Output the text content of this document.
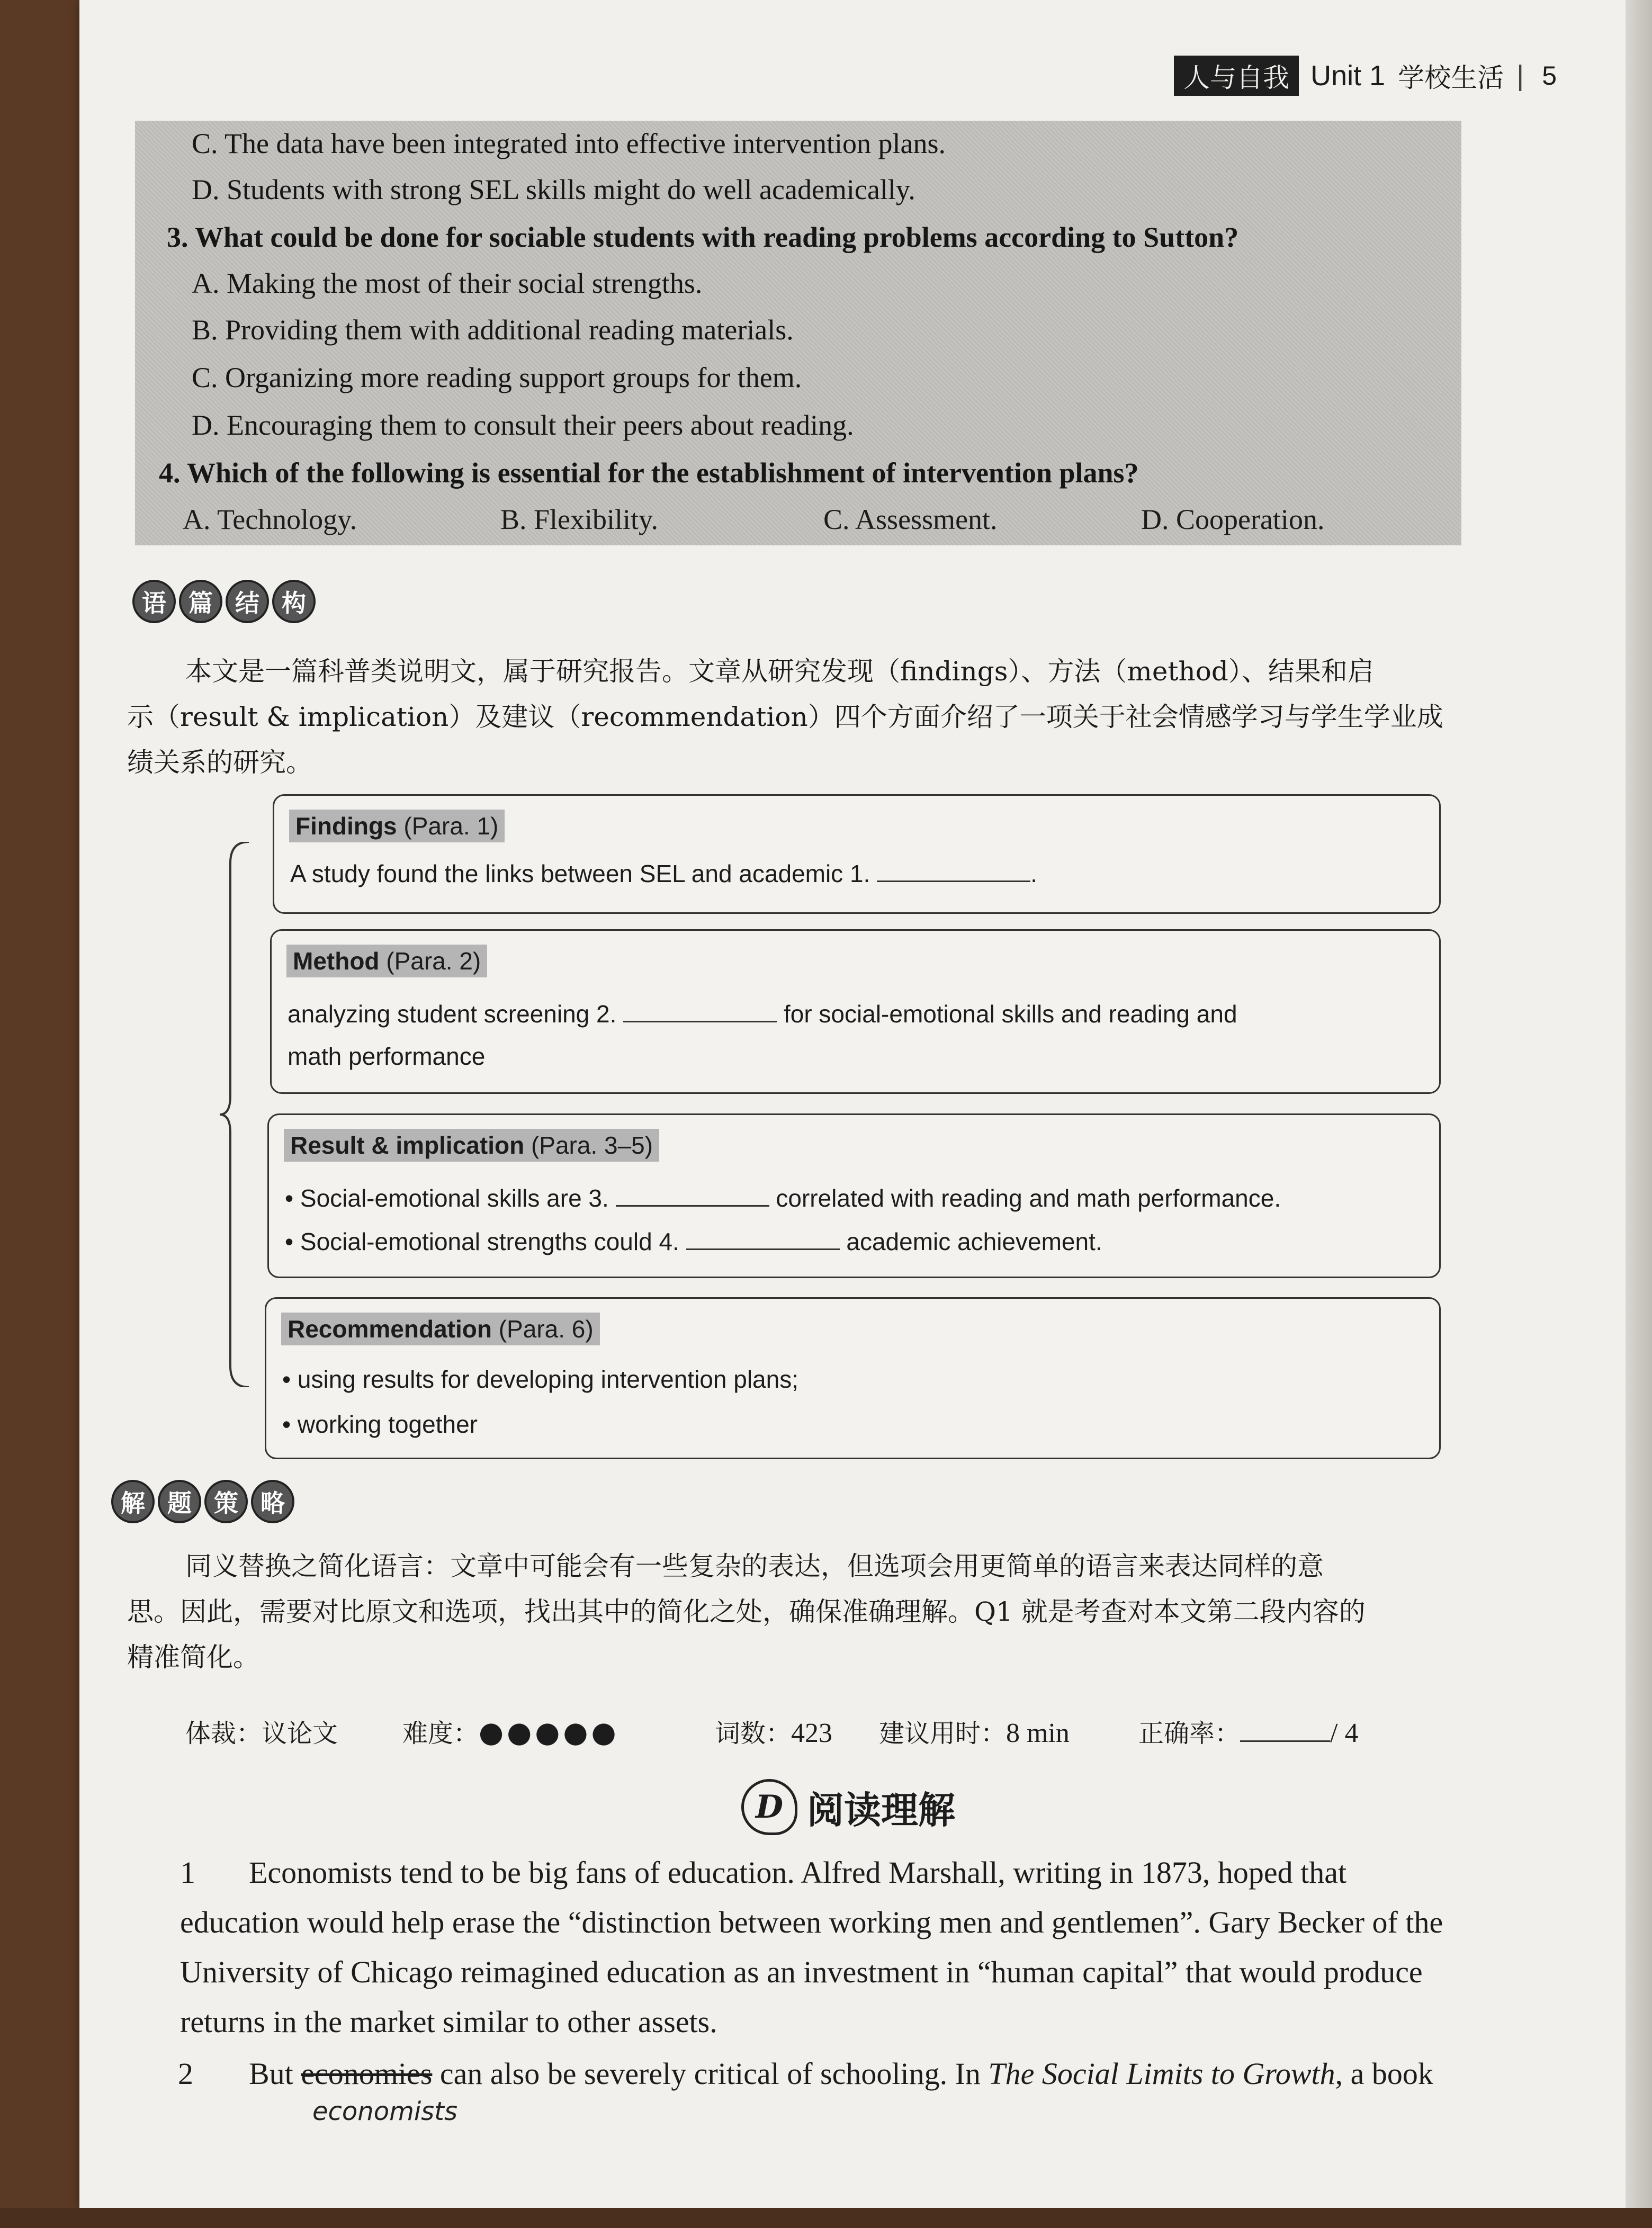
人与自我 Unit 1 学校生活 | 5
C. The data have been integrated into effective intervention plans.
D. Students with strong SEL skills might do well academically.
3. What could be done for sociable students with reading problems according to Sutton?
A. Making the most of their social strengths.
B. Providing them with additional reading materials.
C. Organizing more reading support groups for them.
D. Encouraging them to consult their peers about reading.
4. Which of the following is essential for the establishment of intervention plans?
A. Technology.	B. Flexibility.	C. Assessment.	D. Cooperation.
语 篇 结 构
本文是一篇科普类说明文，属于研究报告。文章从研究发现（findings）、方法（method）、结果和启
示（result & implication）及建议（recommendation）四个方面介绍了一项关于社会情感学习与学生学业成
绩关系的研究。
Findings (Para. 1)
A study found the links between SEL and academic 1.	.
Method (Para. 2)
analyzing student screening 2.	for social-emotional skills and reading and
math performance
Result & implication (Para. 3–5)
• Social-emotional skills are 3.	correlated with reading and math performance.
• Social-emotional strengths could 4.	academic achievement.
Recommendation (Para. 6)
• using results for developing intervention plans;
• working together
解 题 策 略
同义替换之简化语言：文章中可能会有一些复杂的表达，但选项会用更简单的语言来表达同样的意
思。因此，需要对比原文和选项，找出其中的简化之处，确保准确理解。Q1 就是考查对本文第二段内容的
精准简化。
体裁：议论文	难度：●●●●●	词数：423 建议用时：8 min	正确率：	/ 4
D 阅读理解
1	Economists tend to be big fans of education. Alfred Marshall, writing in 1873, hoped that
education would help erase the “distinction between working men and gentlemen”. Gary Becker of the
University of Chicago reimagined education as an investment in “human capital” that would produce
returns in the market similar to other assets.
2	But economies can also be severely critical of schooling. In The Social Limits to Growth, a book
economists
